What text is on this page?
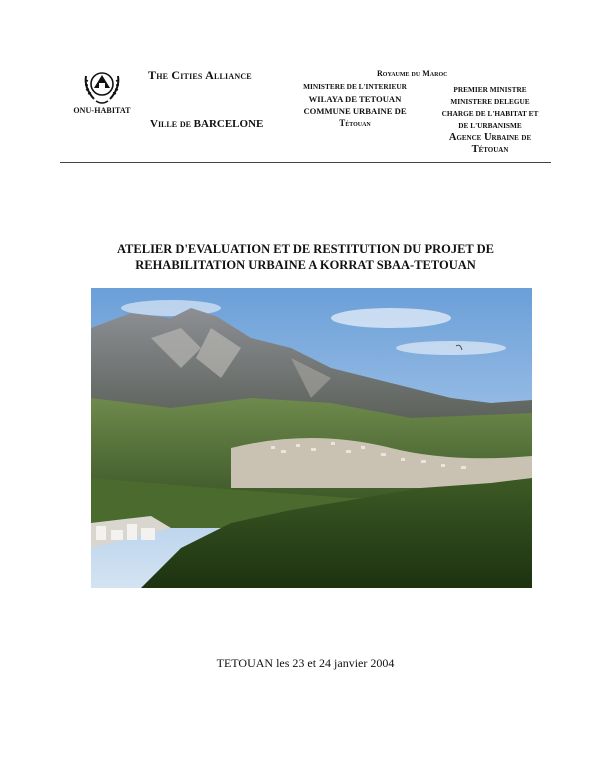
ONU-HABITAT
The Cities Alliance
Ville de BARCELONE
Royaume du Maroc
MINISTERE DE L'INTERIEUR
WILAYA DE TETOUAN
COMMUNE URBAINE DE
Tétouan
PREMIER MINISTRE
MINISTERE DELEGUE
CHARGE DE L'HABITAT ET
DE L'URBANISME
Agence Urbaine de
Tétouan
ATELIER D'EVALUATION ET DE RESTITUTION DU PROJET DE
REHABILITATION URBAINE A KORRAT SBAA-TETOUAN
TETOUAN les 23 et 24 janvier 2004
